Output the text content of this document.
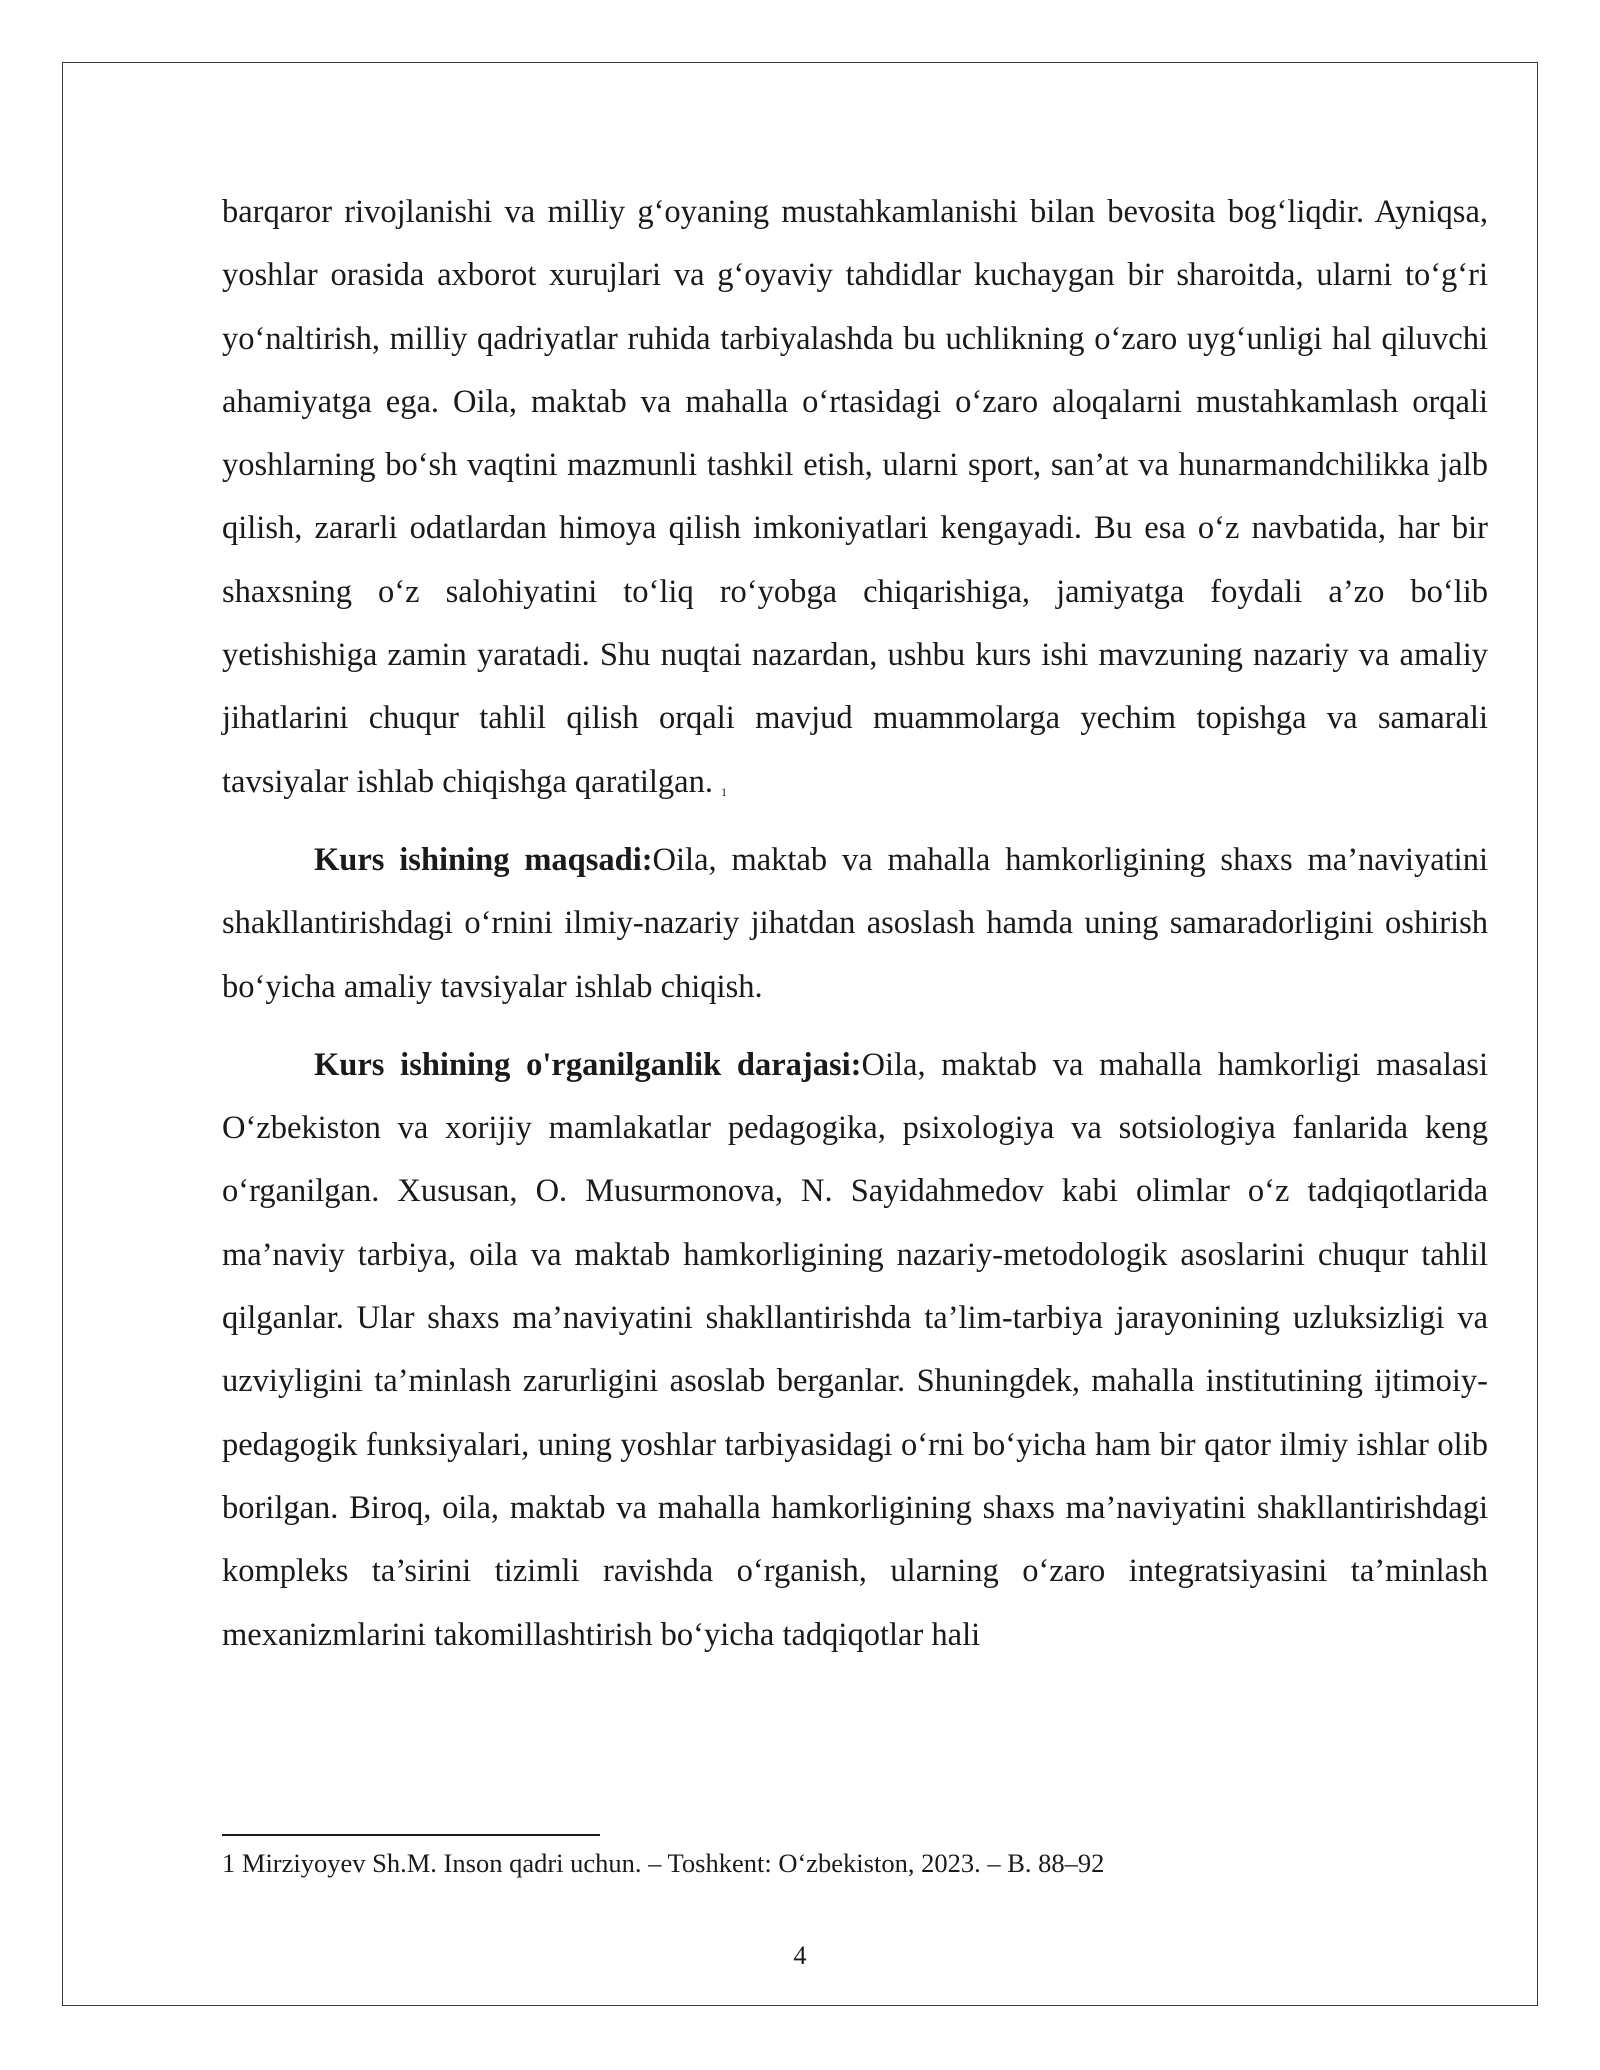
barqaror rivojlanishi va milliy g‘oyaning mustahkamlanishi bilan bevosita bog‘liqdir. Ayniqsa, yoshlar orasida axborot xurujlari va g‘oyaviy tahdidlar kuchaygan bir sharoitda, ularni to‘g‘ri yo‘naltirish, milliy qadriyatlar ruhida tarbiyalashda bu uchlikning o‘zaro uyg‘unligi hal qiluvchi ahamiyatga ega. Oila, maktab va mahalla o‘rtasidagi o‘zaro aloqalarni mustahkamlash orqali yoshlarning bo‘sh vaqtini mazmunli tashkil etish, ularni sport, san’at va hunarmandchilikka jalb qilish, zararli odatlardan himoya qilish imkoniyatlari kengayadi. Bu esa o‘z navbatida, har bir shaxsning o‘z salohiyatini to‘liq ro‘yobga chiqarishiga, jamiyatga foydali a’zo bo‘lib yetishishiga zamin yaratadi. Shu nuqtai nazardan, ushbu kurs ishi mavzuning nazariy va amaliy jihatlarini chuqur tahlil qilish orqali mavjud muammolarga yechim topishga va samarali tavsiyalar ishlab chiqishga qaratilgan. $^1$

Kurs ishining maqsadi:Oila, maktab va mahalla hamkorligining shaxs ma’naviyatini shakllantirishdagi o‘rnini ilmiy-nazariy jihatdan asoslash hamda uning samaradorligini oshirish bo‘yicha amaliy tavsiyalar ishlab chiqish.

Kurs ishining o'rganilganlik darajasi:Oila, maktab va mahalla hamkorligi masalasi O‘zbekiston va xorijiy mamlakatlar pedagogika, psixologiya va sotsiologiya fanlarida keng o‘rganilgan. Xususan, O. Musurmonova, N. Sayidahmedov kabi olimlar o‘z tadqiqotlarida ma’naviy tarbiya, oila va maktab hamkorligining nazariy-metodologik asoslarini chuqur tahlil qilganlar. Ular shaxs ma’naviyatini shakllantirishda ta’lim-tarbiya jarayonining uzluksizligi va uzviyligini ta’minlash zarurligini asoslab berganlar. Shuningdek, mahalla institutining ijtimoiy-pedagogik funksiyalari, uning yoshlar tarbiyasidagi o‘rni bo‘yicha ham bir qator ilmiy ishlar olib borilgan. Biroq, oila, maktab va mahalla hamkorligining shaxs ma’naviyatini shakllantirishdagi kompleks ta’sirini tizimli ravishda o‘rganish, ularning o‘zaro integratsiyasini ta’minlash mexanizmlarini takomillashtirish bo‘yicha tadqiqotlar hali

1 Mirziyoyev Sh.M. Inson qadri uchun. – Toshkent: O‘zbekiston, 2023. – B. 88–92
4
